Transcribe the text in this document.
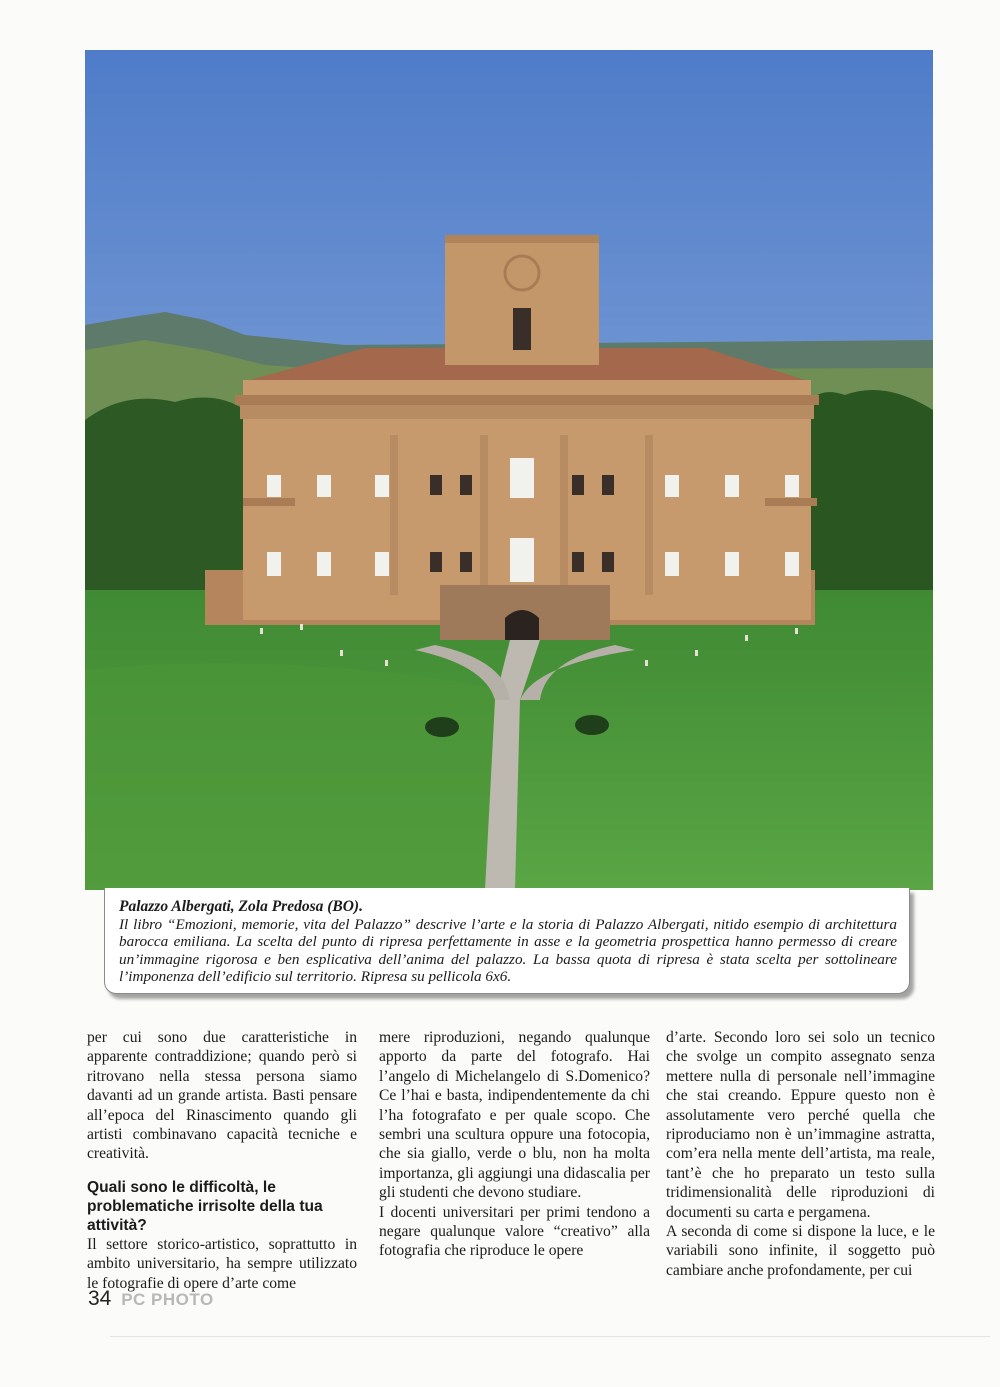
Palazzo Albergati, Zola Predosa (BO).
Il libro “Emozioni, memorie, vita del Palazzo” descrive l’arte e la storia di Palazzo Albergati, nitido esempio di architettura barocca emiliana. La scelta del punto di ripresa perfettamente in asse e la geometria prospettica hanno permesso di creare un’immagine rigorosa e ben esplicativa dell’anima del palazzo. La bassa quota di ripresa è stata scelta per sottolineare l’imponenza dell’edificio sul territorio. Ripresa su pellicola 6x6.

per cui sono due caratteristiche in apparente contraddizione; quando però si ritrovano nella stessa persona siamo davanti ad un grande artista. Basti pensare all’epoca del Rinascimento quando gli artisti combinavano capacità tecniche e creatività.

Quali sono le difficoltà, le problematiche irrisolte della tua attività?

Il settore storico-artistico, soprattutto in ambito universitario, ha sempre utilizzato le fotografie di opere d’arte come

mere riproduzioni, negando qualunque apporto da parte del fotografo. Hai l’angelo di Michelangelo di S.Domenico? Ce l’hai e basta, indipendentemente da chi l’ha fotografato e per quale scopo. Che sembri una scultura oppure una fotocopia, che sia giallo, verde o blu, non ha molta importanza, gli aggiungi una didascalia per gli studenti che devono studiare.

I docenti universitari per primi tendono a negare qualunque valore “creativo” alla fotografia che riproduce le opere

d’arte. Secondo loro sei solo un tecnico che svolge un compito assegnato senza mettere nulla di personale nell’immagine che stai creando. Eppure questo non è assolutamente vero perché quella che riproduciamo non è un’immagine astratta, com’era nella mente dell’artista, ma reale, tant’è che ho preparato un testo sulla tridimensionalità delle riproduzioni di documenti su carta e pergamena.

A seconda di come si dispone la luce, e le variabili sono infinite, il soggetto può cambiare anche profondamente, per cui

34 PC PHOTO
